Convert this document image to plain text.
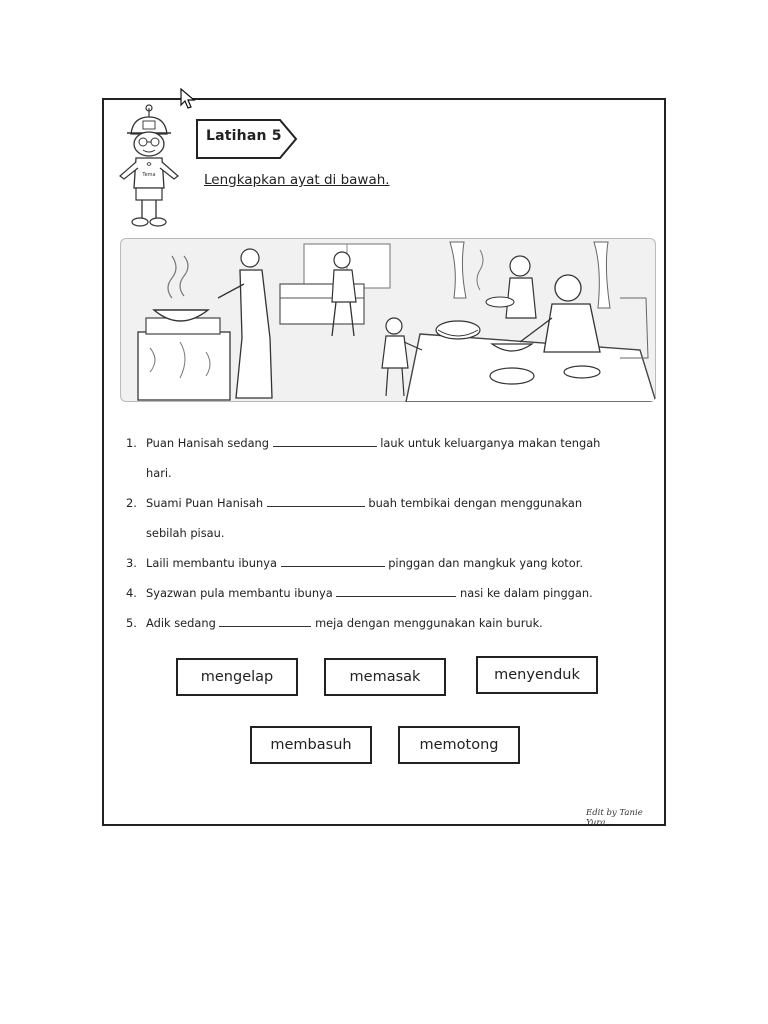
Tema
Latihan 5
Lengkapkan ayat di bawah.
1. Puan Hanisah sedang	lauk untuk keluarganya makan tengah
hari.
2. Suami Puan Hanisah	buah tembikai dengan menggunakan
sebilah pisau.
3. Laili membantu ibunya	pinggan dan mangkuk yang kotor.
4. Syazwan pula membantu ibunya	nasi ke dalam pinggan.
5. Adik sedang	meja dengan menggunakan kain buruk.
mengelap	memasak	menyenduk
membasuh	memotong
Edit by Tanie Yura
